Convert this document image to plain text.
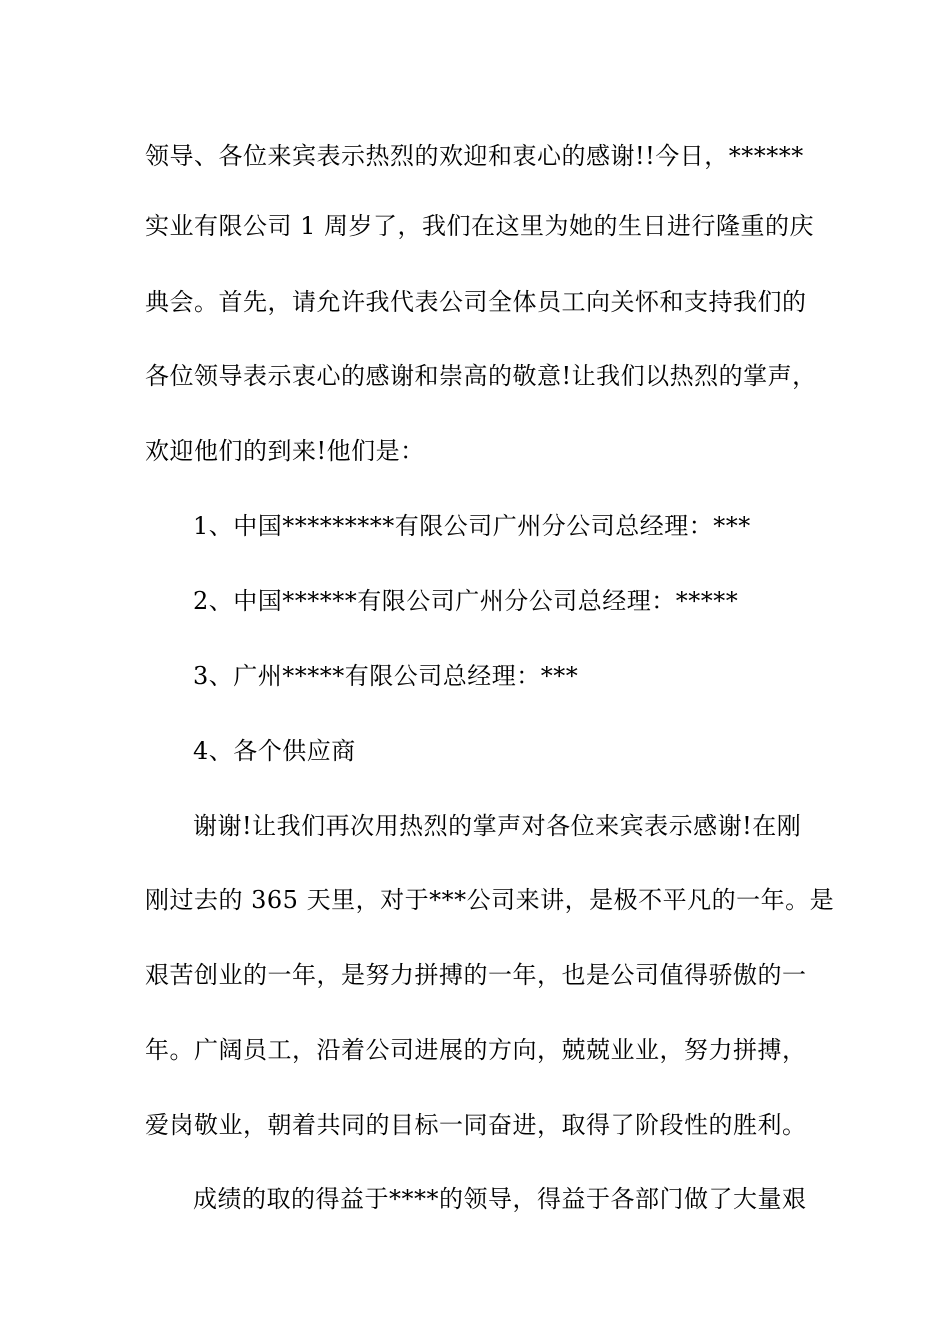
领导、各位来宾表示热烈的欢迎和衷心的感谢!!今日，******
实业有限公司 1 周岁了，我们在这里为她的生日进行隆重的庆
典会。首先，请允许我代表公司全体员工向关怀和支持我们的
各位领导表示衷心的感谢和崇高的敬意!让我们以热烈的掌声，
欢迎他们的到来!他们是：
1、中国*********有限公司广州分公司总经理：***
2、中国******有限公司广州分公司总经理：*****
3、广州*****有限公司总经理：***
4、各个供应商
谢谢!让我们再次用热烈的掌声对各位来宾表示感谢!在刚
刚过去的 365 天里，对于***公司来讲，是极不平凡的一年。是
艰苦创业的一年，是努力拼搏的一年，也是公司值得骄傲的一
年。广阔员工，沿着公司进展的方向，兢兢业业，努力拼搏，
爱岗敬业，朝着共同的目标一同奋进，取得了阶段性的胜利。
成绩的取的得益于****的领导，得益于各部门做了大量艰
